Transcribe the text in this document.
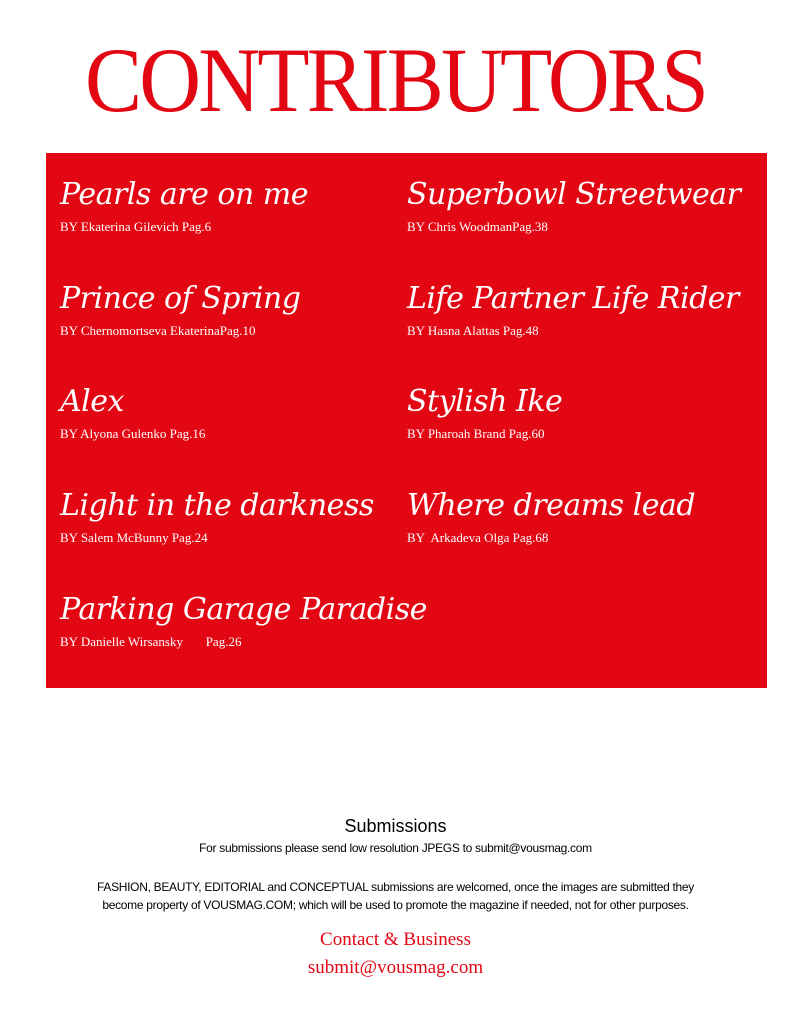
CONTRIBUTORS
Pearls are on me
BY Ekaterina Gilevich Pag.6
Prince of Spring
BY Chernomortseva EkaterinaPag.10
Alex
BY Alyona Gulenko Pag.16
Light in the darkness
BY Salem McBunny Pag.24
Parking Garage Paradise
BY Danielle Wirsansky       Pag.26
Superbowl Streetwear
BY Chris WoodmanPag.38
Life Partner Life Rider
BY Hasna Alattas Pag.48
Stylish Ike
BY Pharoah Brand Pag.60
Where dreams lead
BY  Arkadeva Olga Pag.68
Submissions
For submissions please send low resolution JPEGS to submit@vousmag.com
FASHION, BEAUTY, EDITORIAL and CONCEPTUAL submissions are welcomed, once the images are submitted they
become property of VOUSMAG.COM; which will be used to promote the magazine if needed, not for other purposes.
Contact & Business
submit@vousmag.com
